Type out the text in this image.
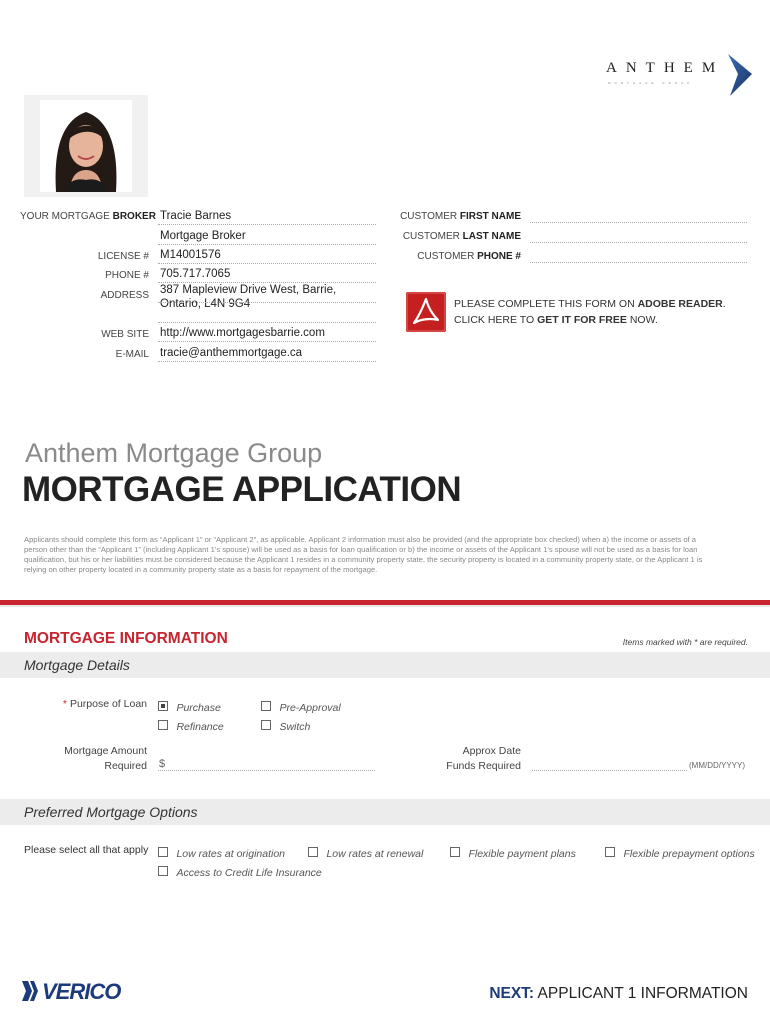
ANTHEM
MORTGAGE GROUP
YOUR MORTGAGE BROKER Tracie Barnes
Mortgage Broker
LICENSE # M14001576
PHONE # 705.717.7065
ADDRESS 387 Mapleview Drive West, Barrie,
Ontario, L4N 9G4
WEB SITE http://www.mortgagesbarrie.com
E-MAIL tracie@anthemmortgage.ca
CUSTOMER FIRST NAME
CUSTOMER LAST NAME
CUSTOMER PHONE #
PLEASE COMPLETE THIS FORM ON ADOBE READER.
CLICK HERE TO GET IT FOR FREE NOW.
Anthem Mortgage Group
MORTGAGE APPLICATION
Applicants should complete this form as “Applicant 1” or “Applicant 2”, as applicable. Applicant 2 information must also be provided (and the appropriate box checked) when a) the income or assets of a person other than the “Applicant 1” (including Applicant 1’s spouse) will be used as a basis for loan qualification or b) the income or assets of the Applicant 1’s spouse will not be used as a basis for loan qualification, but his or her liabilities must be considered because the Applicant 1 resides in a community property state, the security property is located in a community property state, or the Applicant 1 is relying on other property located in a community property state as a basis for repayment of the mortgage.
MORTGAGE INFORMATION	Items marked with * are required.
Mortgage Details
* Purpose of Loan	Purchase	Pre-Approval
Refinance	Switch
Mortgage Amount
Required $
Approx Date
Funds Required	(MM/DD/YYYY)
Preferred Mortgage Options
Please select all that apply	Low rates at origination	Low rates at renewal	Flexible payment plans	Flexible prepayment options
Access to Credit Life Insurance
VERICO	NEXT: APPLICANT 1 INFORMATION
